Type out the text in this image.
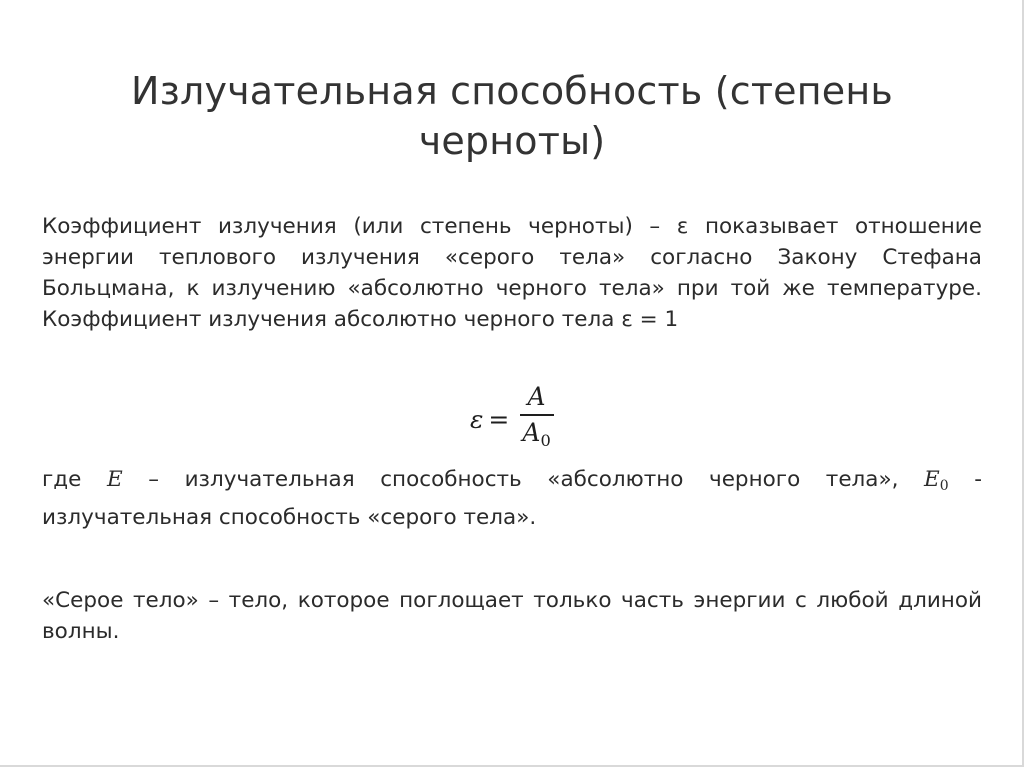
Излучательная способность (степень черноты)

Коэффициент излучения (или степень черноты) – ε показывает отношение энергии теплового излучения «серого тела» согласно Закону Стефана Больцмана, к излучению «абсолютно черного тела» при той же температуре. Коэффициент излучения абсолютно черного тела ε = 1

$\varepsilon = \frac{A}{A_0}$

где E – излучательная способность «абсолютно черного тела», $E_0$ - излучательная способность «серого тела».

«Серое тело» – тело, которое поглощает только часть энергии с любой длиной волны.
